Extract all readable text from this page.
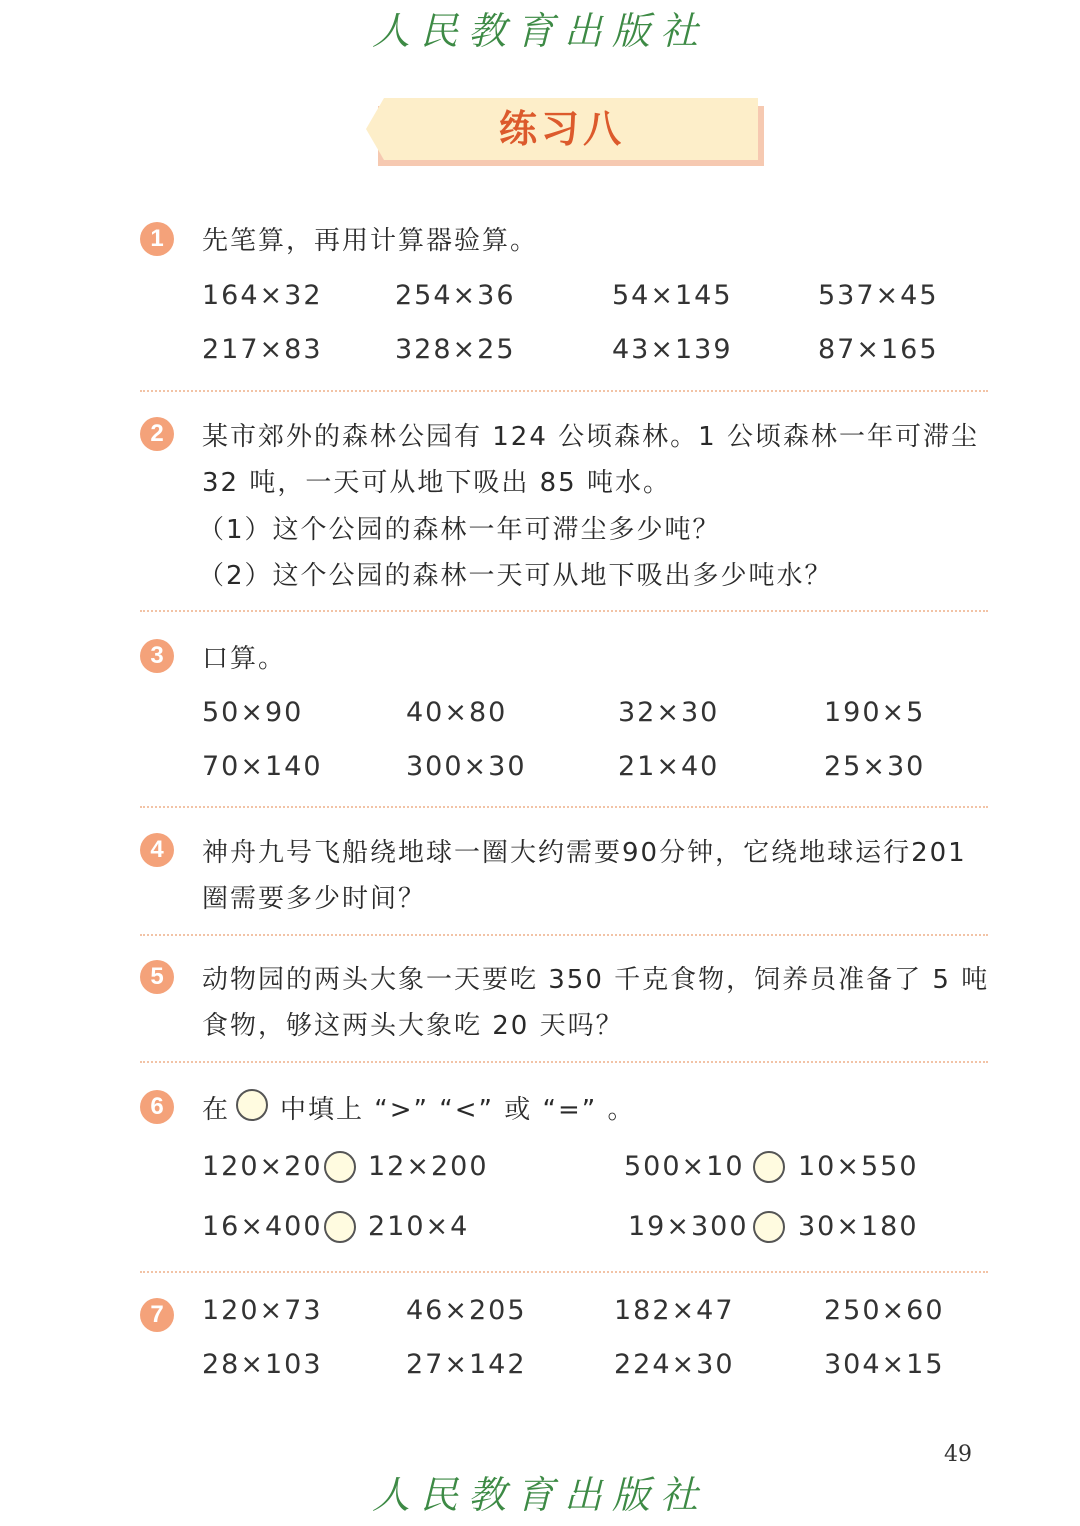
人民教育出版社
练习八
1	先笔算，再用计算器验算。
164×32	254×36	54×145	537×45
217×83	328×25	43×139	87×165
2	某市郊外的森林公园有 124 公顷森林。1 公顷森林一年可滞尘
32 吨，一天可从地下吸出 85 吨水。
（1）这个公园的森林一年可滞尘多少吨？
（2）这个公园的森林一天可从地下吸出多少吨水？
3	口算。
50×90	40×80	32×30	190×5
70×140	300×30	21×40	25×30
4	神舟九号飞船绕地球一圈大约需要90分钟，它绕地球运行201
圈需要多少时间？
5	动物园的两头大象一天要吃 350 千克食物，饲养员准备了 5 吨
食物，够这两头大象吃 20 天吗？
6	在 中填上 “>” “<” 或 “=” 。
120×20 12×200	500×10 10×550
16×400 210×4	19×300 30×180
7	120×73	46×205	182×47	250×60
28×103	27×142	224×30	304×15
49
人民教育出版社
